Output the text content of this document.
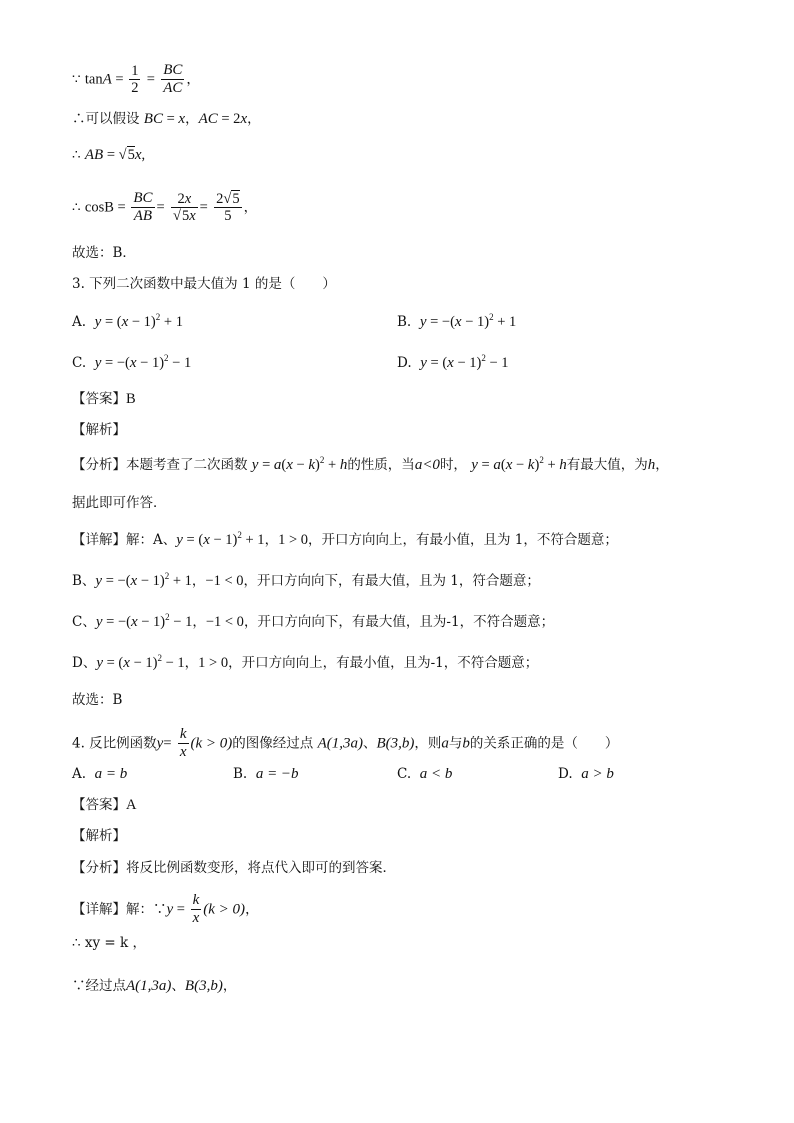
∵ $\tan A = \frac{1}{2} = \frac{BC}{AC}$ ，
∴可以假设 BC = x，AC = 2x，
∴ AB = √5x,
∴ $\cos B = \frac{BC}{AB} = \frac{2x}{√5x} = \frac{2√5}{5}$ ，
故选：B．
3. 下列二次函数中最大值为 1 的是（　　）
A. $y = (x - 1)^2 + 1$	B. $y = -(x - 1)^2 + 1$
C. $y = -(x - 1)^2 - 1$	D. $y = (x - 1)^2 - 1$
【答案】B
【解析】
【分析】本题考查了二次函数 $y = a(x - k)^2 + h$的性质，当a<0时， $y = a(x - k)^2 + h$有最大值，为h，
据此即可作答．
【详解】解：A、$y = (x - 1)^2 + 1$，1 > 0，开口方向向上，有最小值，且为 1，不符合题意；
B、$y = -(x - 1)^2 + 1$，−1 < 0，开口方向向下，有最大值，且为 1，符合题意；
C、$y = -(x - 1)^2 - 1$，−1 < 0，开口方向向下，有最大值，且为-1，不符合题意；
D、$y = (x - 1)^2 - 1$，1 > 0，开口方向向上，有最小值，且为-1，不符合题意；
故选：B
4. 反比例函数$y= \frac{k}{x} (k > 0)$的图像经过点 A(1,3a)、B(3,b)，则a与b的关系正确的是（　　）
A. a = b	B. a = −b	C. a < b	D. a > b
【答案】A
【解析】
【分析】将反比例函数变形，将点代入即可的到答案．
【详解】解：∵y = $\frac{k}{x} (k > 0)$，
∴ xy = k ，
∵经过点A(1,3a)、B(3,b)，
